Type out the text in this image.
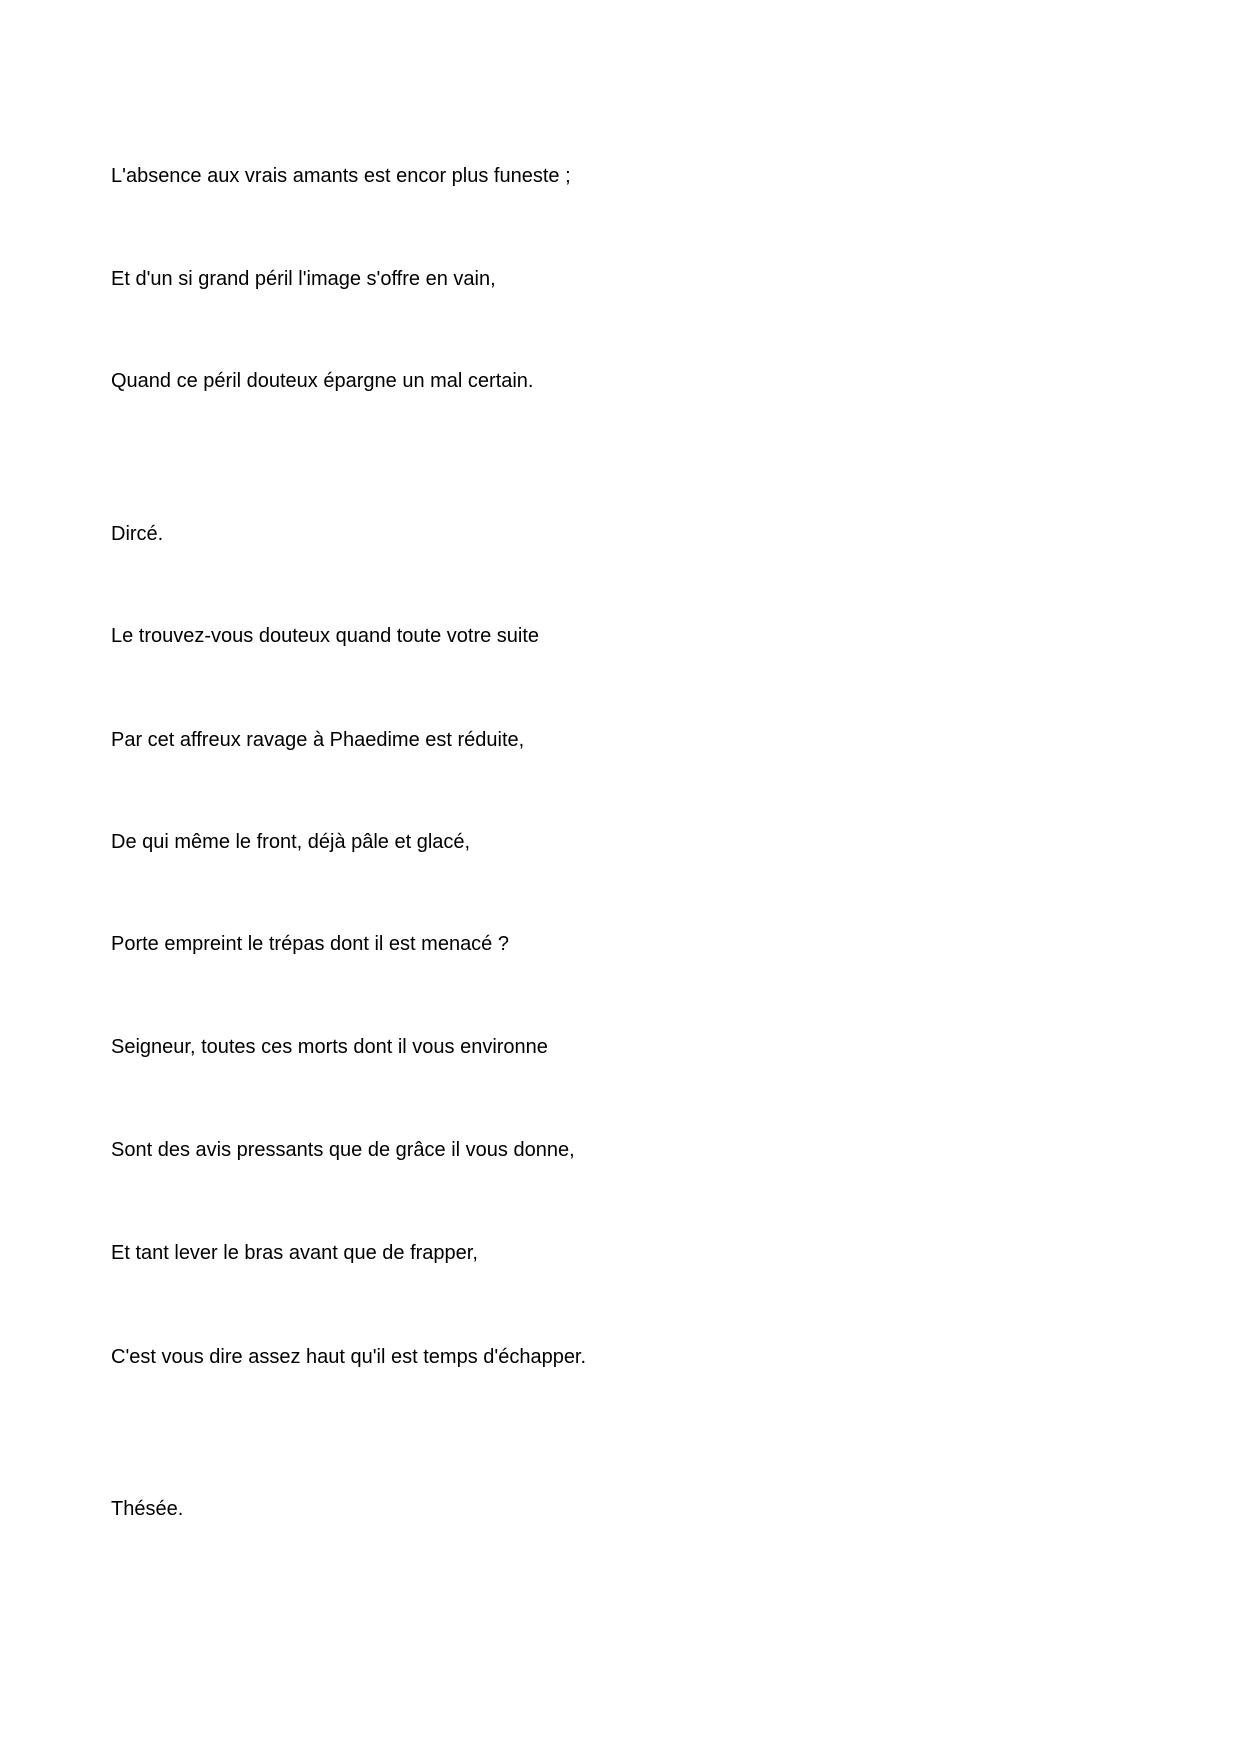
L'absence aux vrais amants est encor plus funeste ;

Et d'un si grand péril l'image s'offre en vain,

Quand ce péril douteux épargne un mal certain.

Dircé.

Le trouvez-vous douteux quand toute votre suite

Par cet affreux ravage à Phaedime est réduite,

De qui même le front, déjà pâle et glacé,

Porte empreint le trépas dont il est menacé ?

Seigneur, toutes ces morts dont il vous environne

Sont des avis pressants que de grâce il vous donne,

Et tant lever le bras avant que de frapper,

C'est vous dire assez haut qu'il est temps d'échapper.

Thésée.
